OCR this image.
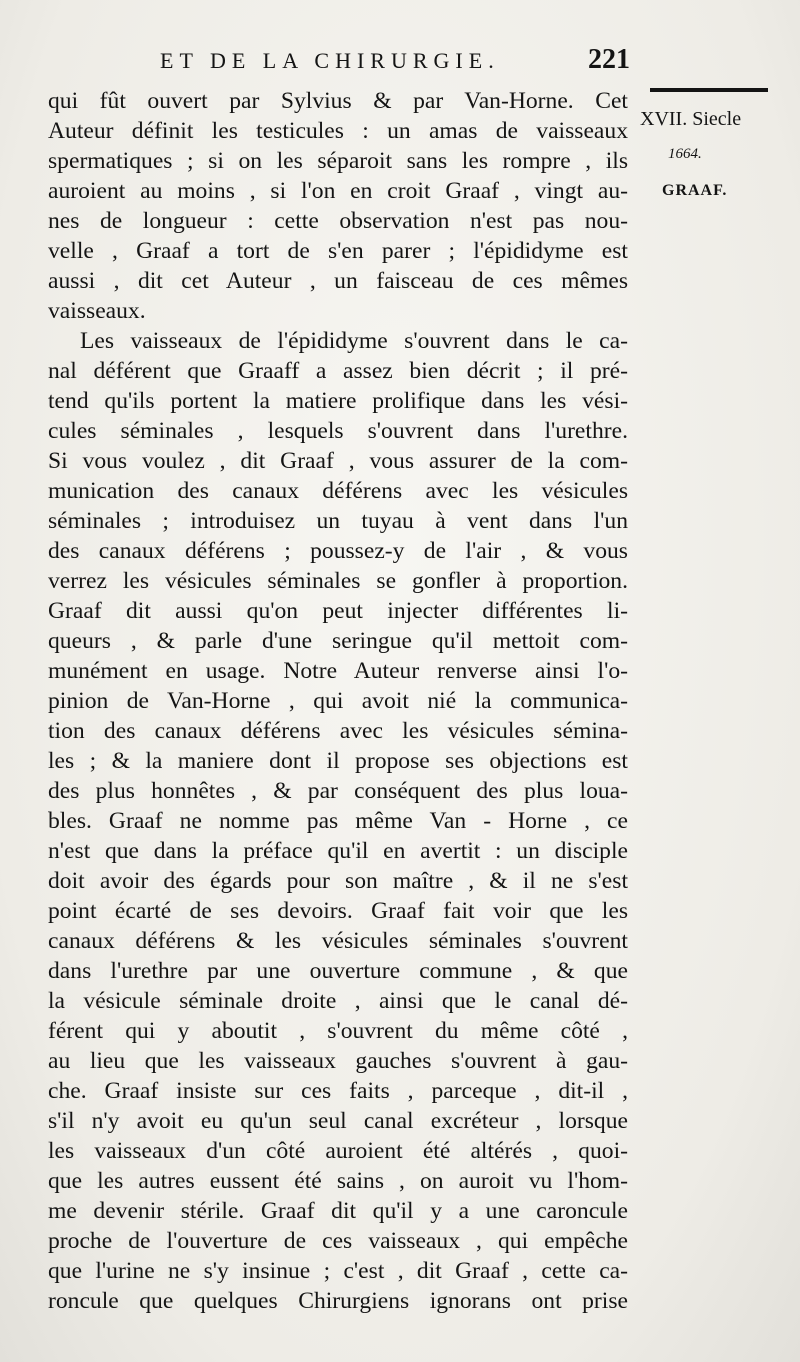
ET DE LA CHIRURGIE.	221
XVII. Siecle
1664.
GRAAF.
qui fût ouvert par Sylvius & par Van-Horne. Cet
Auteur définit les testicules : un amas de vaisseaux
spermatiques ; si on les séparoit sans les rompre , ils
auroient au moins , si l'on en croit Graaf , vingt au-
nes de longueur : cette observation n'est pas nou-
velle , Graaf a tort de s'en parer ; l'épididyme est
aussi , dit cet Auteur , un faisceau de ces mêmes
vaisseaux.
Les vaisseaux de l'épididyme s'ouvrent dans le ca-
nal déférent que Graaff a assez bien décrit ; il pré-
tend qu'ils portent la matiere prolifique dans les vési-
cules séminales , lesquels s'ouvrent dans l'urethre.
Si vous voulez , dit Graaf , vous assurer de la com-
munication des canaux déférens avec les vésicules
séminales ; introduisez un tuyau à vent dans l'un
des canaux déférens ; poussez-y de l'air , & vous
verrez les vésicules séminales se gonfler à proportion.
Graaf dit aussi qu'on peut injecter différentes li-
queurs , & parle d'une seringue qu'il mettoit com-
munément en usage. Notre Auteur renverse ainsi l'o-
pinion de Van-Horne , qui avoit nié la communica-
tion des canaux déférens avec les vésicules sémina-
les ; & la maniere dont il propose ses objections est
des plus honnêtes , & par conséquent des plus loua-
bles. Graaf ne nomme pas même Van - Horne , ce
n'est que dans la préface qu'il en avertit : un disciple
doit avoir des égards pour son maître , & il ne s'est
point écarté de ses devoirs. Graaf fait voir que les
canaux déférens & les vésicules séminales s'ouvrent
dans l'urethre par une ouverture commune , & que
la vésicule séminale droite , ainsi que le canal dé-
férent qui y aboutit , s'ouvrent du même côté ,
au lieu que les vaisseaux gauches s'ouvrent à gau-
che. Graaf insiste sur ces faits , parceque , dit-il ,
s'il n'y avoit eu qu'un seul canal excréteur , lorsque
les vaisseaux d'un côté auroient été altérés , quoi-
que les autres eussent été sains , on auroit vu l'hom-
me devenir stérile. Graaf dit qu'il y a une caroncule
proche de l'ouverture de ces vaisseaux , qui empêche
que l'urine ne s'y insinue ; c'est , dit Graaf , cette ca-
roncule que quelques Chirurgiens ignorans ont prise
